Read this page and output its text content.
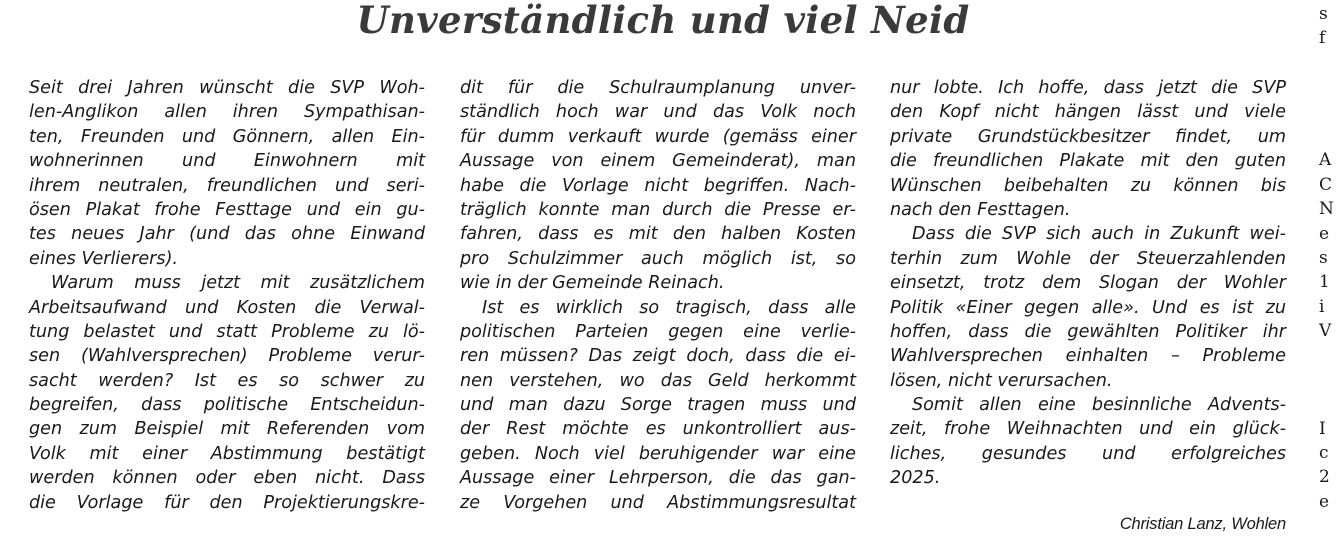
Unverständlich und viel Neid
Seit drei Jahren wünscht die SVP Woh-
len-Anglikon allen ihren Sympathisan-
ten, Freunden und Gönnern, allen Ein-
wohnerinnen und Einwohnern mit
ihrem neutralen, freundlichen und seri-
ösen Plakat frohe Festtage und ein gu-
tes neues Jahr (und das ohne Einwand
eines Verlierers).
Warum muss jetzt mit zusätzlichem
Arbeitsaufwand und Kosten die Verwal-
tung belastet und statt Probleme zu lö-
sen (Wahlversprechen) Probleme verur-
sacht werden? Ist es so schwer zu
begreifen, dass politische Entscheidun-
gen zum Beispiel mit Referenden vom
Volk mit einer Abstimmung bestätigt
werden können oder eben nicht. Dass
die Vorlage für den Projektierungskre-
dit für die Schulraumplanung unver-
ständlich hoch war und das Volk noch
für dumm verkauft wurde (gemäss einer
Aussage von einem Gemeinderat), man
habe die Vorlage nicht begriffen. Nach-
träglich konnte man durch die Presse er-
fahren, dass es mit den halben Kosten
pro Schulzimmer auch möglich ist, so
wie in der Gemeinde Reinach.
Ist es wirklich so tragisch, dass alle
politischen Parteien gegen eine verlie-
ren müssen? Das zeigt doch, dass die ei-
nen verstehen, wo das Geld herkommt
und man dazu Sorge tragen muss und
der Rest möchte es unkontrolliert aus-
geben. Noch viel beruhigender war eine
Aussage einer Lehrperson, die das gan-
ze Vorgehen und Abstimmungsresultat
nur lobte. Ich hoffe, dass jetzt die SVP
den Kopf nicht hängen lässt und viele
private Grundstückbesitzer findet, um
die freundlichen Plakate mit den guten
Wünschen beibehalten zu können bis
nach den Festtagen.
Dass die SVP sich auch in Zukunft wei-
terhin zum Wohle der Steuerzahlenden
einsetzt, trotz dem Slogan der Wohler
Politik «Einer gegen alle». Und es ist zu
hoffen, dass die gewählten Politiker ihr
Wahlversprechen einhalten – Probleme
lösen, nicht verursachen.
Somit allen eine besinnliche Advents-
zeit, frohe Weihnachten und ein glück-
liches, gesundes und erfolgreiches
2025.
Christian Lanz, Wohlen
s
f
A
C
N
e
s
1
i
V
I
c
2
e
